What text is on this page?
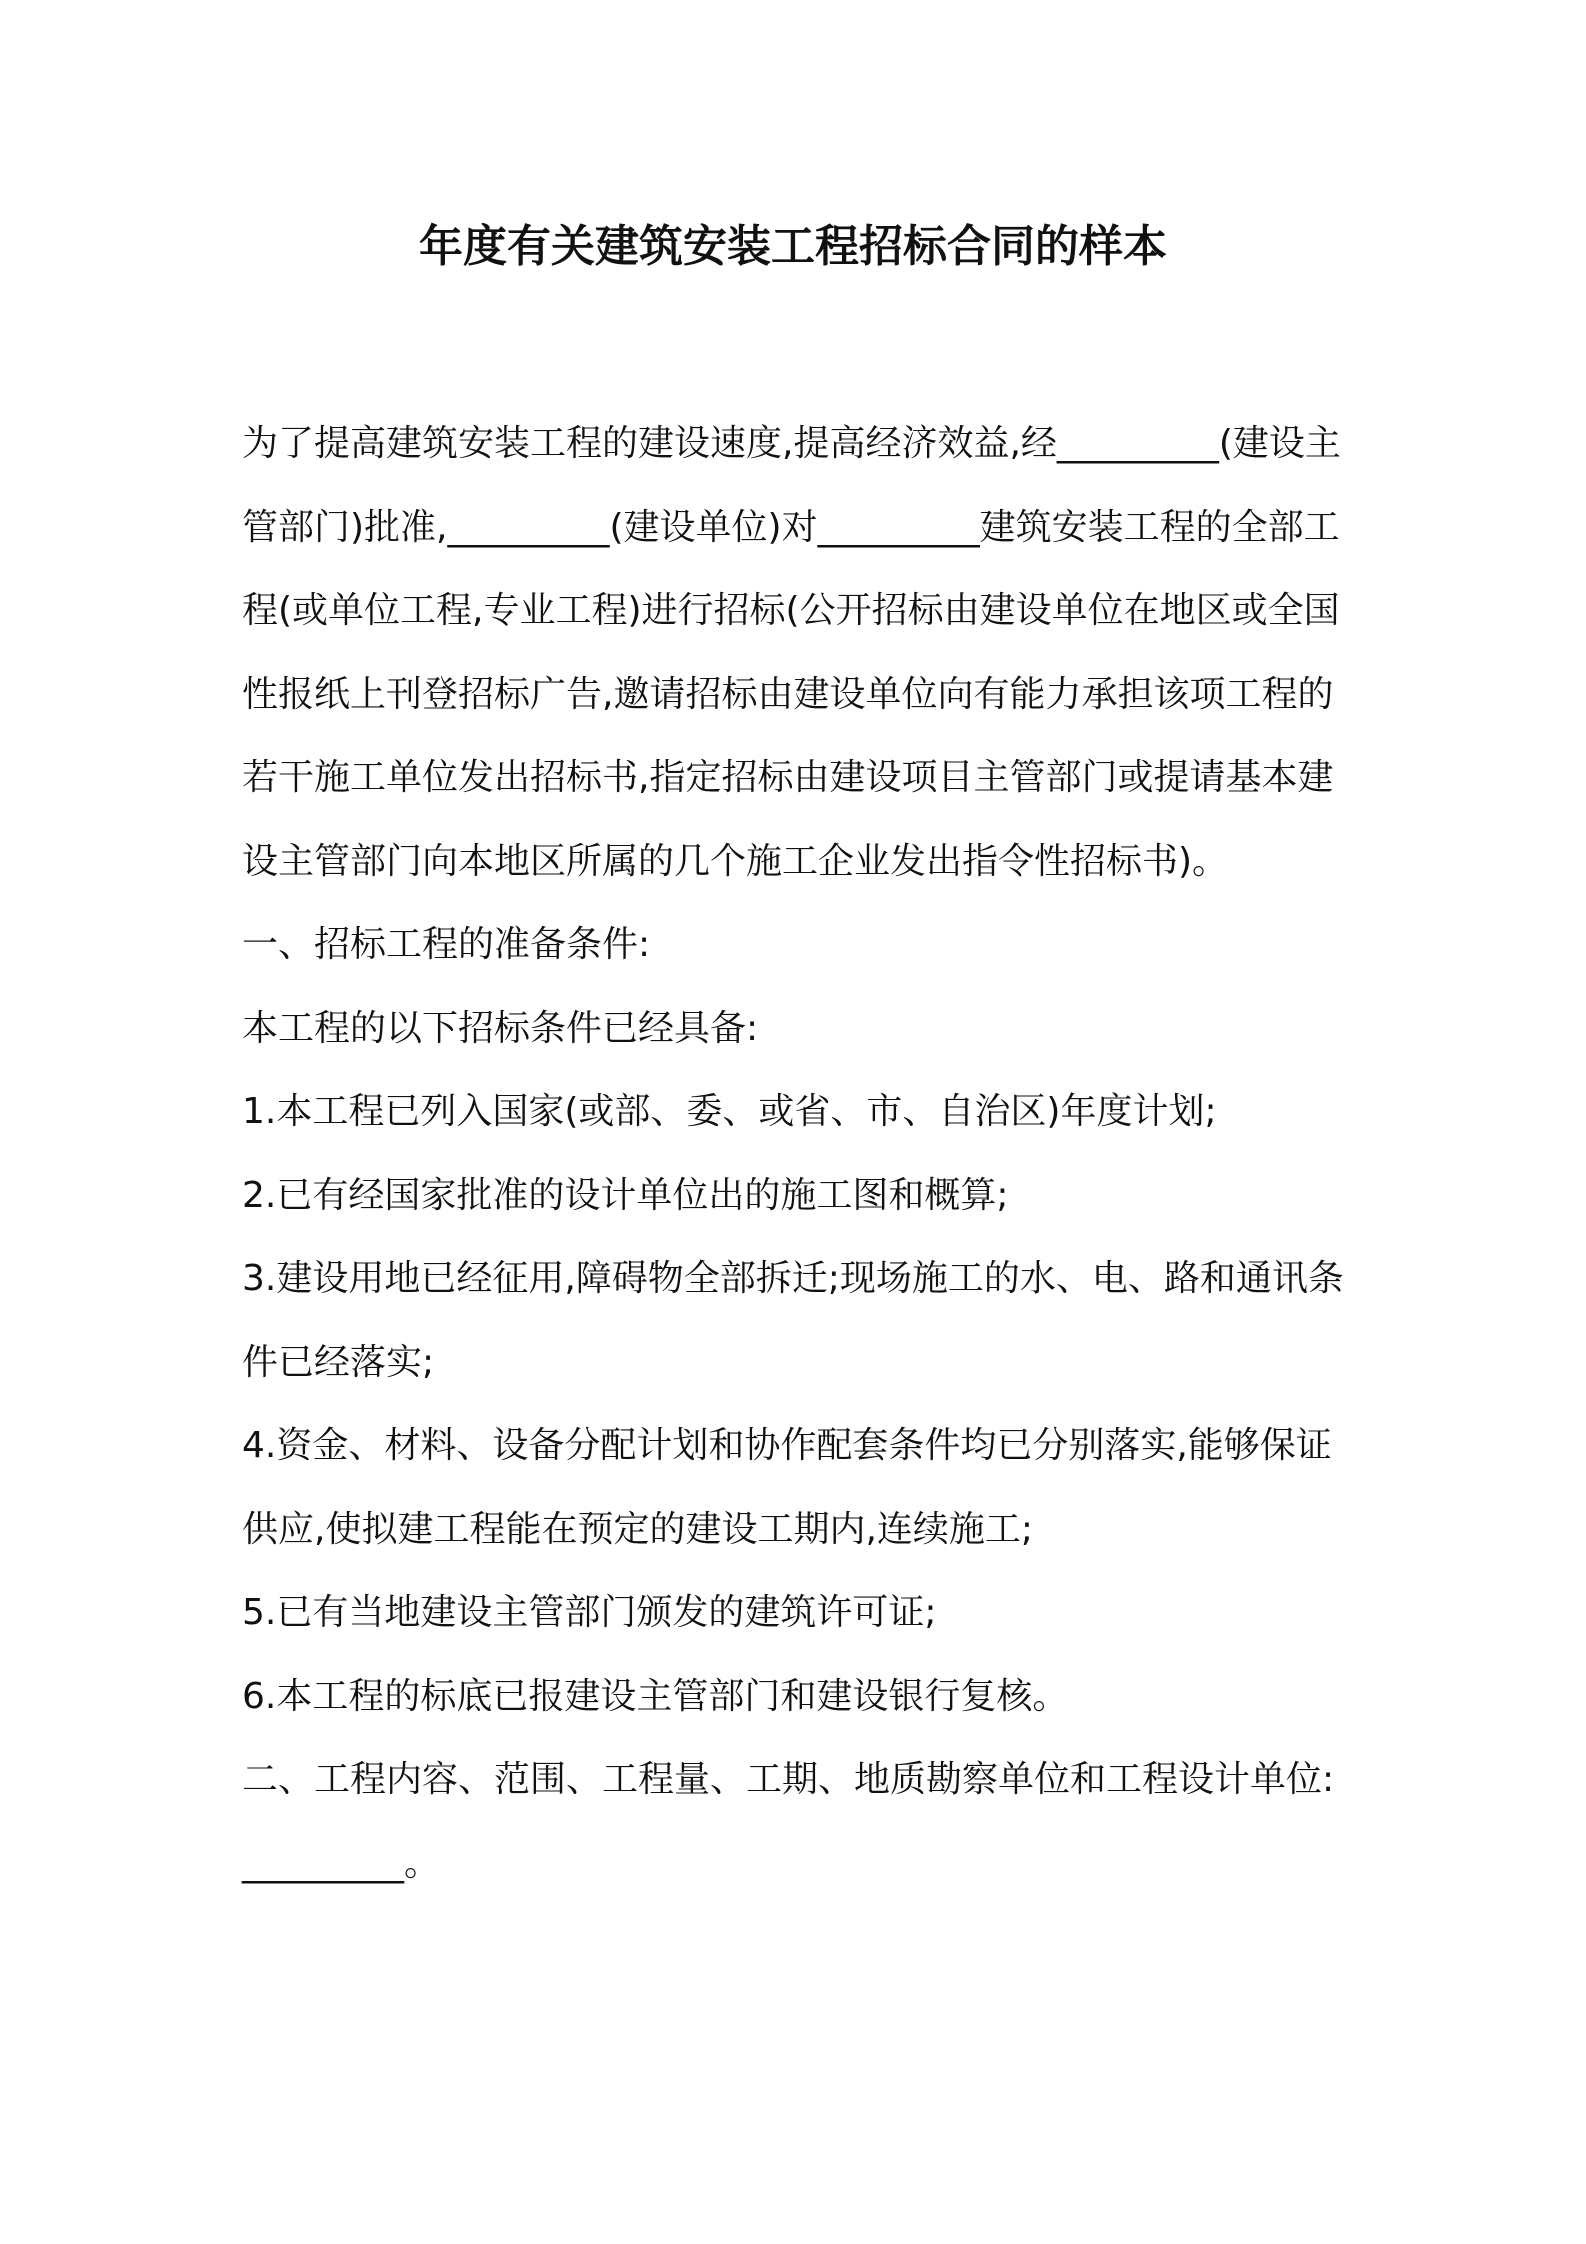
年度有关建筑安装工程招标合同的样本

为了提高建筑安装工程的建设速度,提高经济效益,经_________(建设主管部门)批准,_________(建设单位)对_________建筑安装工程的全部工程(或单位工程,专业工程)进行招标(公开招标由建设单位在地区或全国性报纸上刊登招标广告,邀请招标由建设单位向有能力承担该项工程的若干施工单位发出招标书,指定招标由建设项目主管部门或提请基本建设主管部门向本地区所属的几个施工企业发出指令性招标书)。

一、招标工程的准备条件:

本工程的以下招标条件已经具备:

1.本工程已列入国家(或部、委、或省、市、自治区)年度计划;

2.已有经国家批准的设计单位出的施工图和概算;

3.建设用地已经征用,障碍物全部拆迁;现场施工的水、电、路和通讯条件已经落实;

4.资金、材料、设备分配计划和协作配套条件均已分别落实,能够保证供应,使拟建工程能在预定的建设工期内,连续施工;

5.已有当地建设主管部门颁发的建筑许可证;

6.本工程的标底已报建设主管部门和建设银行复核。

二、工程内容、范围、工程量、工期、地质勘察单位和工程设计单位:_________。
